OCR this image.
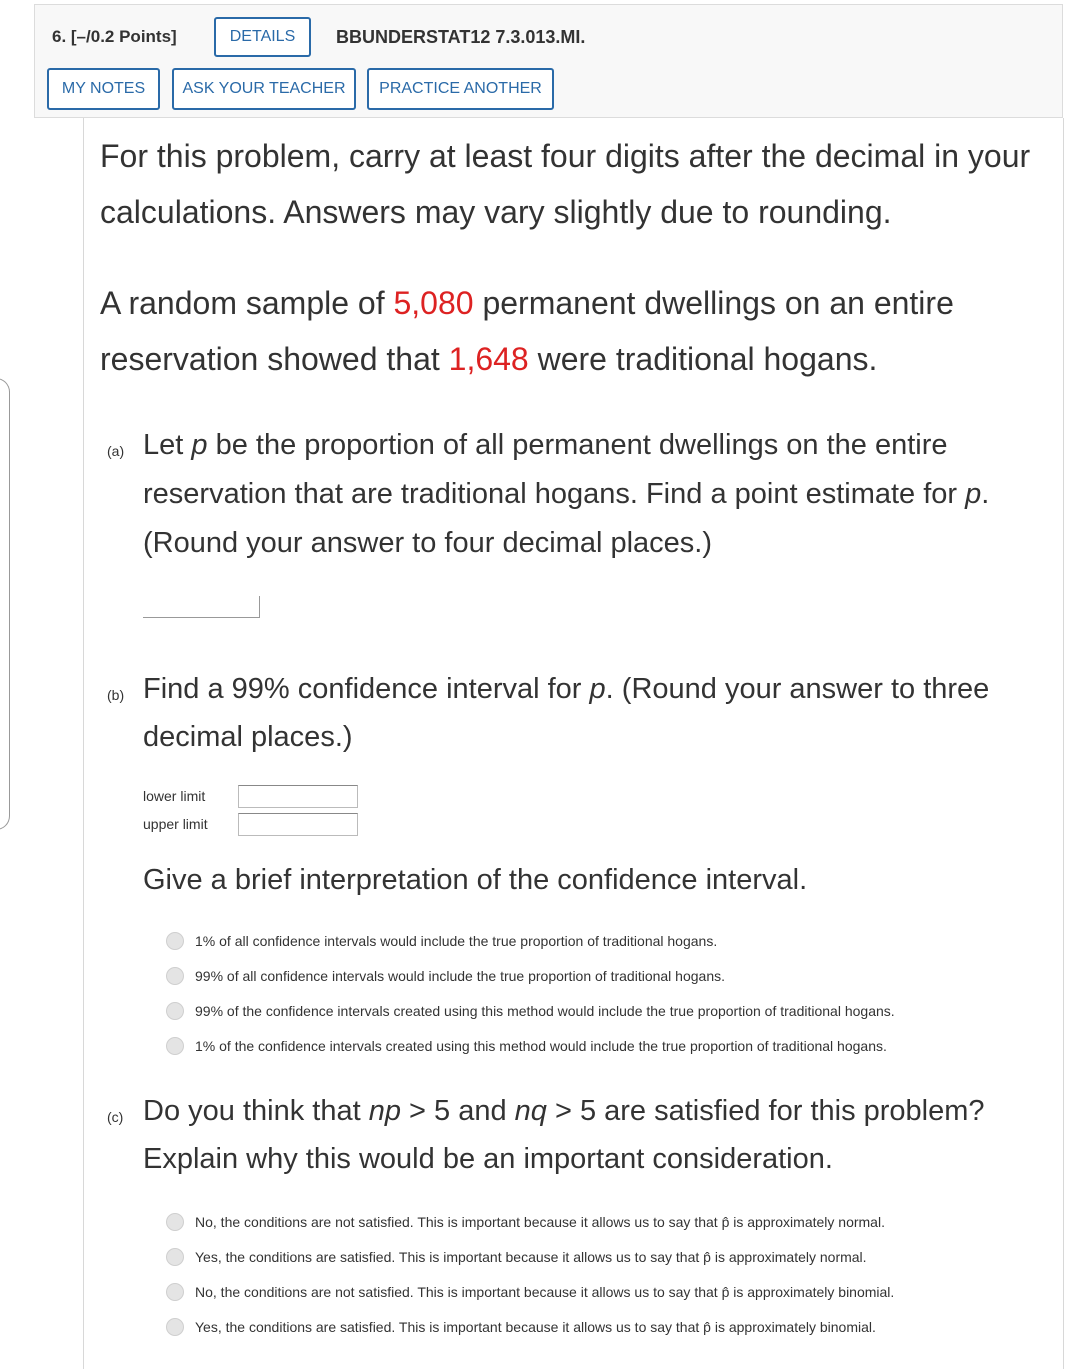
6. [–/0.2 Points]	DETAILS	BBUNDERSTAT12 7.3.013.MI.
MY NOTES	ASK YOUR TEACHER	PRACTICE ANOTHER
For this problem, carry at least four digits after the decimal in your calculations. Answers may vary slightly due to rounding.
A random sample of 5,080 permanent dwellings on an entire reservation showed that 1,648 were traditional hogans.
(a) Let p be the proportion of all permanent dwellings on the entire reservation that are traditional hogans. Find a point estimate for p. (Round your answer to four decimal places.)
(b) Find a 99% confidence interval for p. (Round your answer to three decimal places.)
lower limit
upper limit
Give a brief interpretation of the confidence interval.
1% of all confidence intervals would include the true proportion of traditional hogans.
99% of all confidence intervals would include the true proportion of traditional hogans.
99% of the confidence intervals created using this method would include the true proportion of traditional hogans.
1% of the confidence intervals created using this method would include the true proportion of traditional hogans.
(c) Do you think that np > 5 and nq > 5 are satisfied for this problem? Explain why this would be an important consideration.
No, the conditions are not satisfied. This is important because it allows us to say that p̂ is approximately normal.
Yes, the conditions are satisfied. This is important because it allows us to say that p̂ is approximately normal.
No, the conditions are not satisfied. This is important because it allows us to say that p̂ is approximately binomial.
Yes, the conditions are satisfied. This is important because it allows us to say that p̂ is approximately binomial.
